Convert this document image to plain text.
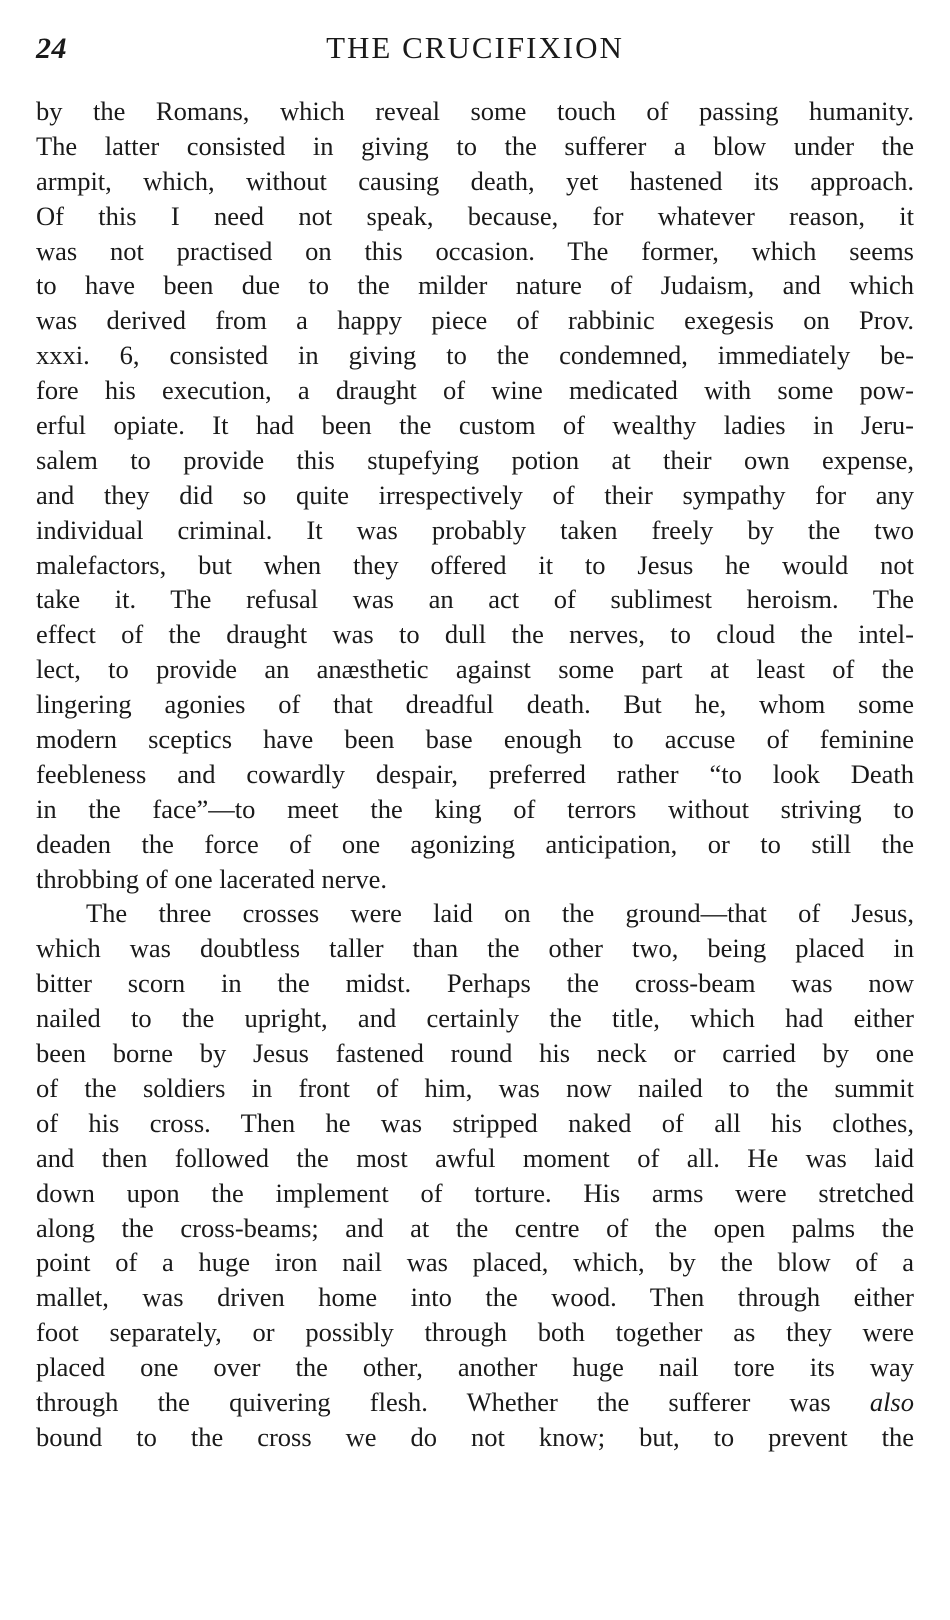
24	THE CRUCIFIXION
by the Romans, which reveal some touch of passing humanity.
The latter consisted in giving to the sufferer a blow under the
armpit, which, without causing death, yet hastened its approach.
Of this I need not speak, because, for whatever reason, it
was not practised on this occasion. The former, which seems
to have been due to the milder nature of Judaism, and which
was derived from a happy piece of rabbinic exegesis on Prov.
xxxi. 6, consisted in giving to the condemned, immediately be-
fore his execution, a draught of wine medicated with some pow-
erful opiate. It had been the custom of wealthy ladies in Jeru-
salem to provide this stupefying potion at their own expense,
and they did so quite irrespectively of their sympathy for any
individual criminal. It was probably taken freely by the two
malefactors, but when they offered it to Jesus he would not
take it. The refusal was an act of sublimest heroism. The
effect of the draught was to dull the nerves, to cloud the intel-
lect, to provide an anæsthetic against some part at least of the
lingering agonies of that dreadful death. But he, whom some
modern sceptics have been base enough to accuse of feminine
feebleness and cowardly despair, preferred rather “to look Death
in the face”—to meet the king of terrors without striving to
deaden the force of one agonizing anticipation, or to still the
throbbing of one lacerated nerve.
The three crosses were laid on the ground—that of Jesus,
which was doubtless taller than the other two, being placed in
bitter scorn in the midst. Perhaps the cross-beam was now
nailed to the upright, and certainly the title, which had either
been borne by Jesus fastened round his neck or carried by one
of the soldiers in front of him, was now nailed to the summit
of his cross. Then he was stripped naked of all his clothes,
and then followed the most awful moment of all. He was laid
down upon the implement of torture. His arms were stretched
along the cross-beams; and at the centre of the open palms the
point of a huge iron nail was placed, which, by the blow of a
mallet, was driven home into the wood. Then through either
foot separately, or possibly through both together as they were
placed one over the other, another huge nail tore its way
through the quivering flesh. Whether the sufferer was also
bound to the cross we do not know; but, to prevent the
